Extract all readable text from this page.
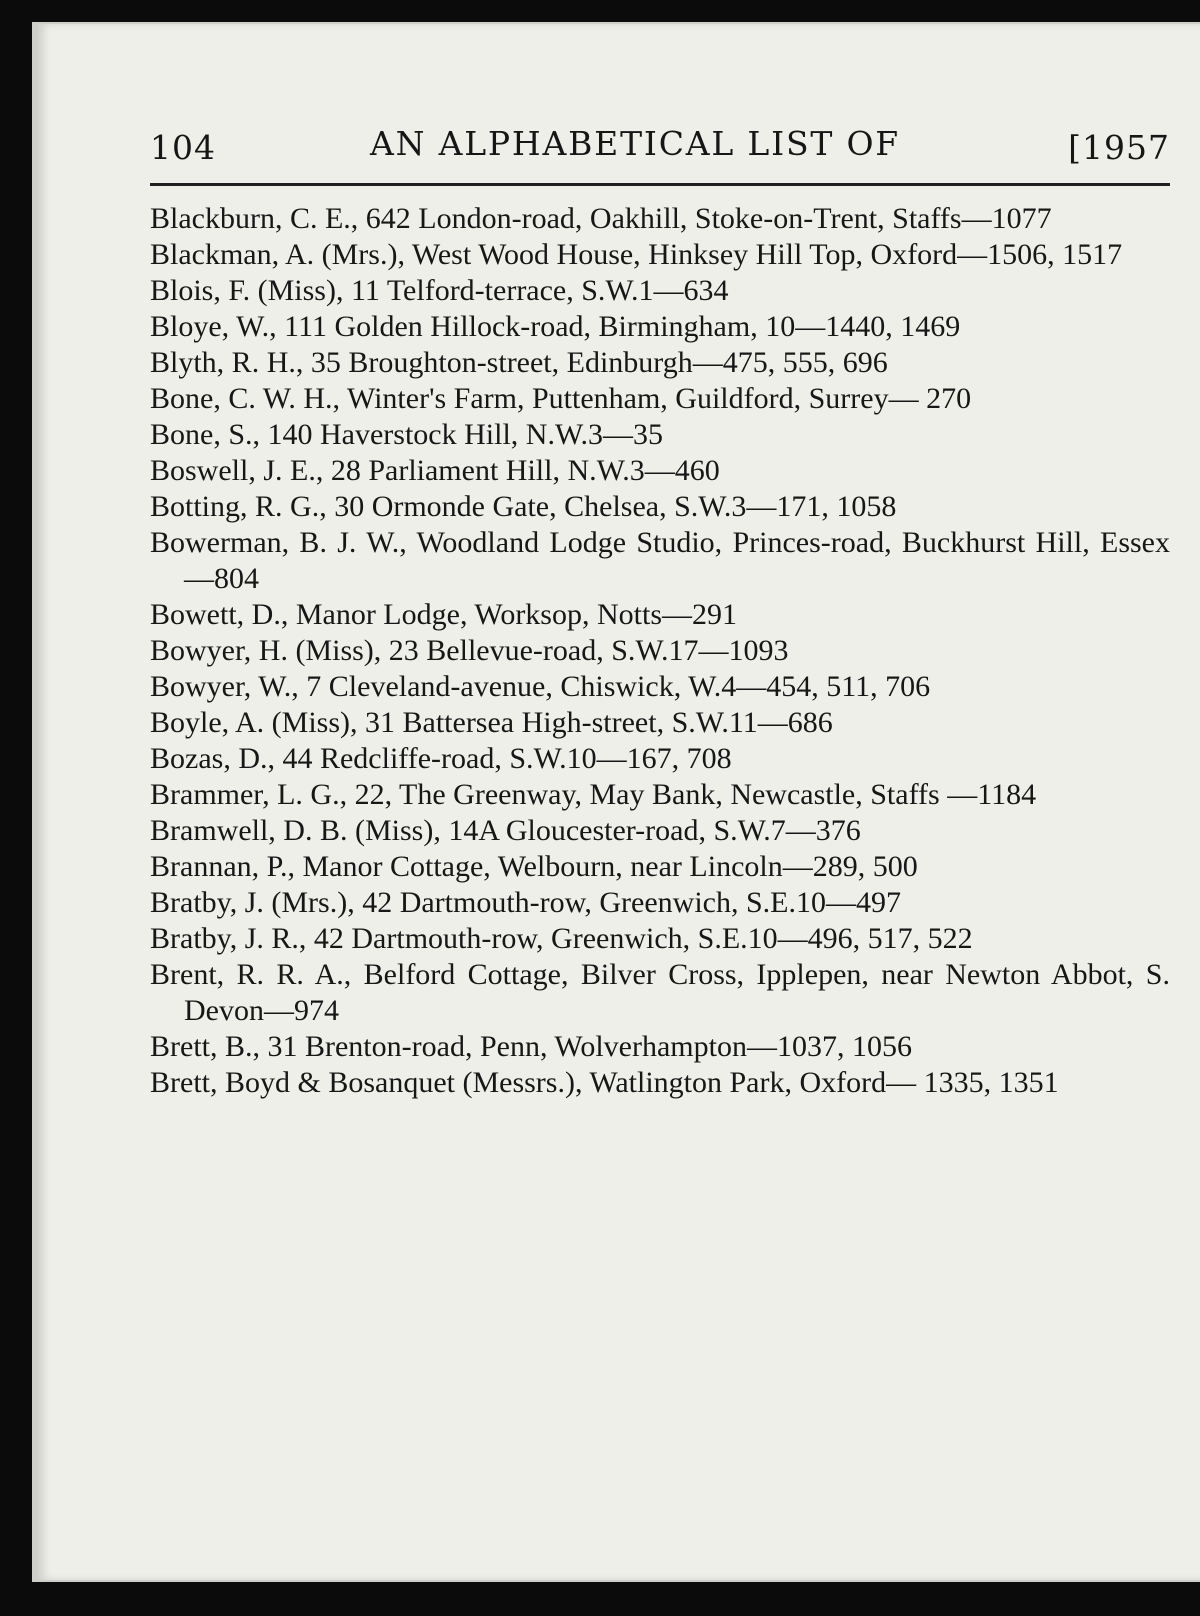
104	AN ALPHABETICAL LIST OF	[1957

Blackburn, C. E., 642 London-road, Oakhill, Stoke-on-Trent, Staffs—1077

Blackman, A. (Mrs.), West Wood House, Hinksey Hill Top, Oxford—1506, 1517

Blois, F. (Miss), 11 Telford-terrace, S.W.1—634

Bloye, W., 111 Golden Hillock-road, Birmingham, 10—1440, 1469

Blyth, R. H., 35 Broughton-street, Edinburgh—475, 555, 696

Bone, C. W. H., Winter's Farm, Puttenham, Guildford, Surrey— 270

Bone, S., 140 Haverstock Hill, N.W.3—35

Boswell, J. E., 28 Parliament Hill, N.W.3—460

Botting, R. G., 30 Ormonde Gate, Chelsea, S.W.3—171, 1058

Bowerman, B. J. W., Woodland Lodge Studio, Princes-road, Buckhurst Hill, Essex—804

Bowett, D., Manor Lodge, Worksop, Notts—291

Bowyer, H. (Miss), 23 Bellevue-road, S.W.17—1093

Bowyer, W., 7 Cleveland-avenue, Chiswick, W.4—454, 511, 706

Boyle, A. (Miss), 31 Battersea High-street, S.W.11—686

Bozas, D., 44 Redcliffe-road, S.W.10—167, 708

Brammer, L. G., 22, The Greenway, May Bank, Newcastle, Staffs —1184

Bramwell, D. B. (Miss), 14A Gloucester-road, S.W.7—376

Brannan, P., Manor Cottage, Welbourn, near Lincoln—289, 500

Bratby, J. (Mrs.), 42 Dartmouth-row, Greenwich, S.E.10—497

Bratby, J. R., 42 Dartmouth-row, Greenwich, S.E.10—496, 517, 522

Brent, R. R. A., Belford Cottage, Bilver Cross, Ipplepen, near Newton Abbot, S. Devon—974

Brett, B., 31 Brenton-road, Penn, Wolverhampton—1037, 1056

Brett, Boyd & Bosanquet (Messrs.), Watlington Park, Oxford— 1335, 1351
